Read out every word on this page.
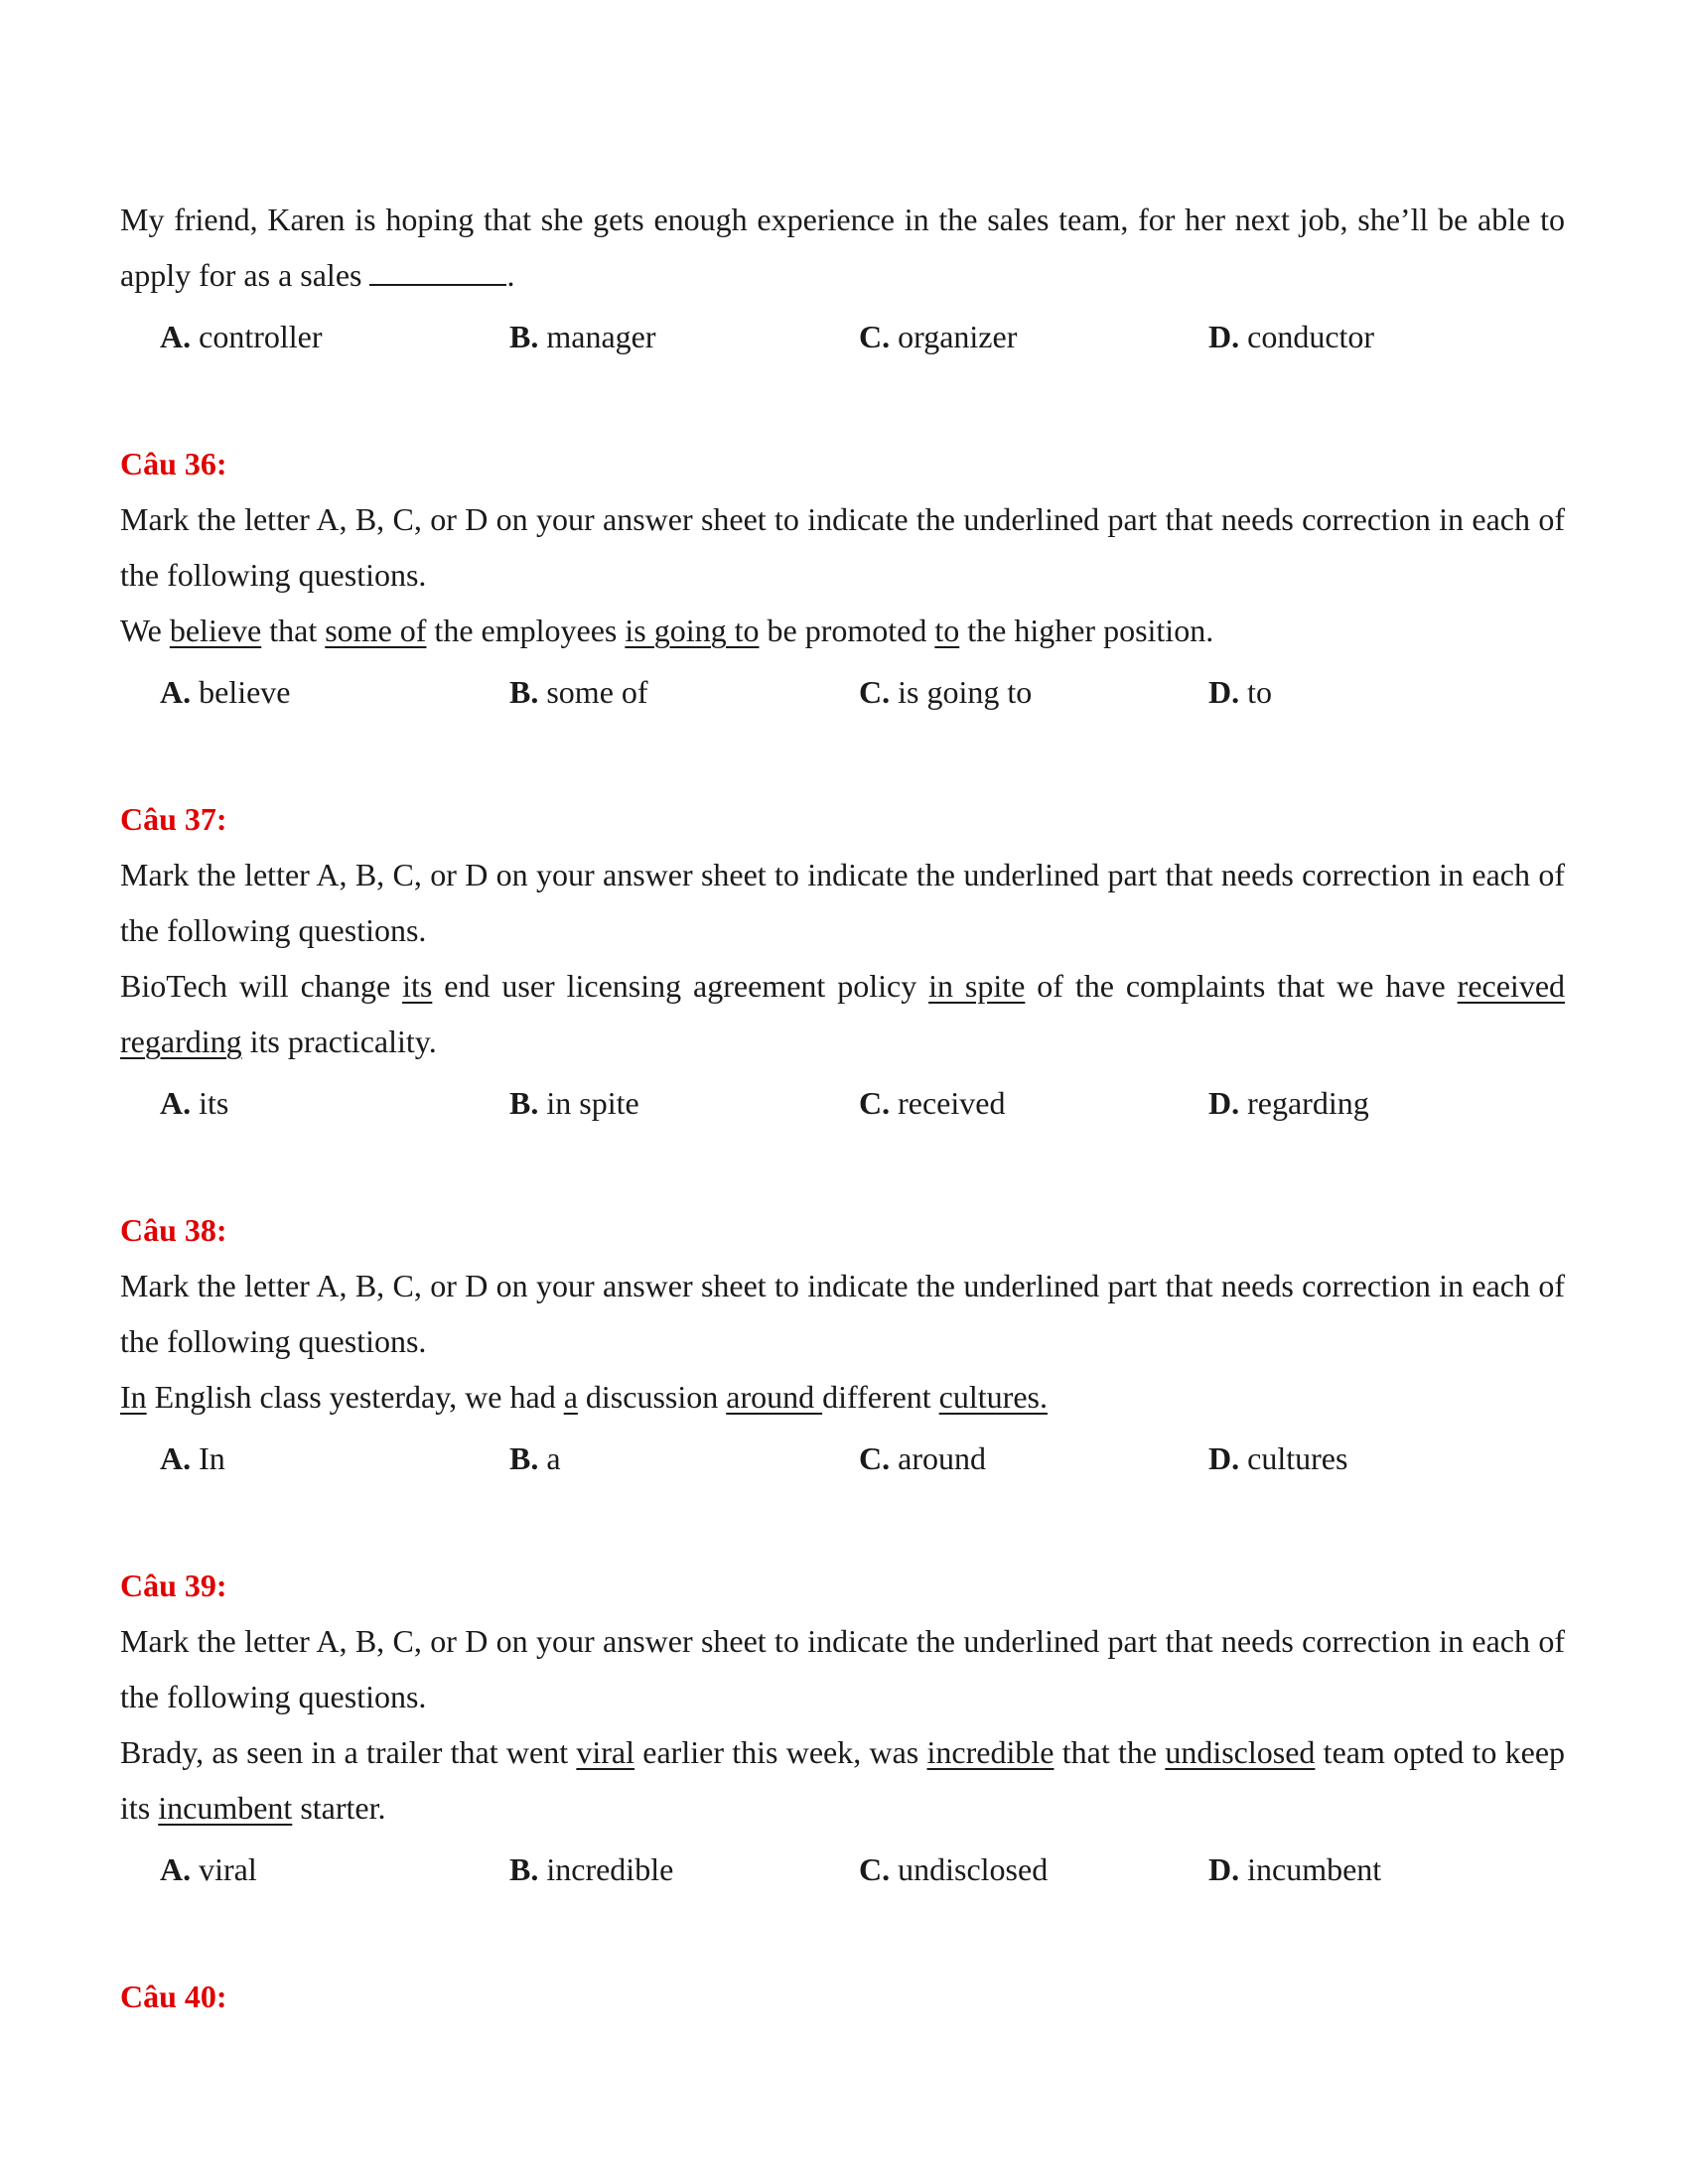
My friend, Karen is hoping that she gets enough experience in the sales team, for her next job, she’ll be able to apply for as a sales	.

A. controller	B. manager	C. organizer	D. conductor

Câu 36:

Mark the letter A, B, C, or D on your answer sheet to indicate the underlined part that needs correction in each of the following questions.

We believe that some of the employees is going to be promoted to the higher position.

A. believe	B. some of	C. is going to	D. to

Câu 37:

Mark the letter A, B, C, or D on your answer sheet to indicate the underlined part that needs correction in each of the following questions.

BioTech will change its end user licensing agreement policy in spite of the complaints that we have received regarding its practicality.

A. its	B. in spite	C. received	D. regarding

Câu 38:

Mark the letter A, B, C, or D on your answer sheet to indicate the underlined part that needs correction in each of the following questions.

In English class yesterday, we had a discussion around different cultures.

A. In	B. a	C. around	D. cultures

Câu 39:

Mark the letter A, B, C, or D on your answer sheet to indicate the underlined part that needs correction in each of the following questions.

Brady, as seen in a trailer that went viral earlier this week, was incredible that the undisclosed team opted to keep its incumbent starter.

A. viral	B. incredible	C. undisclosed	D. incumbent

Câu 40:
